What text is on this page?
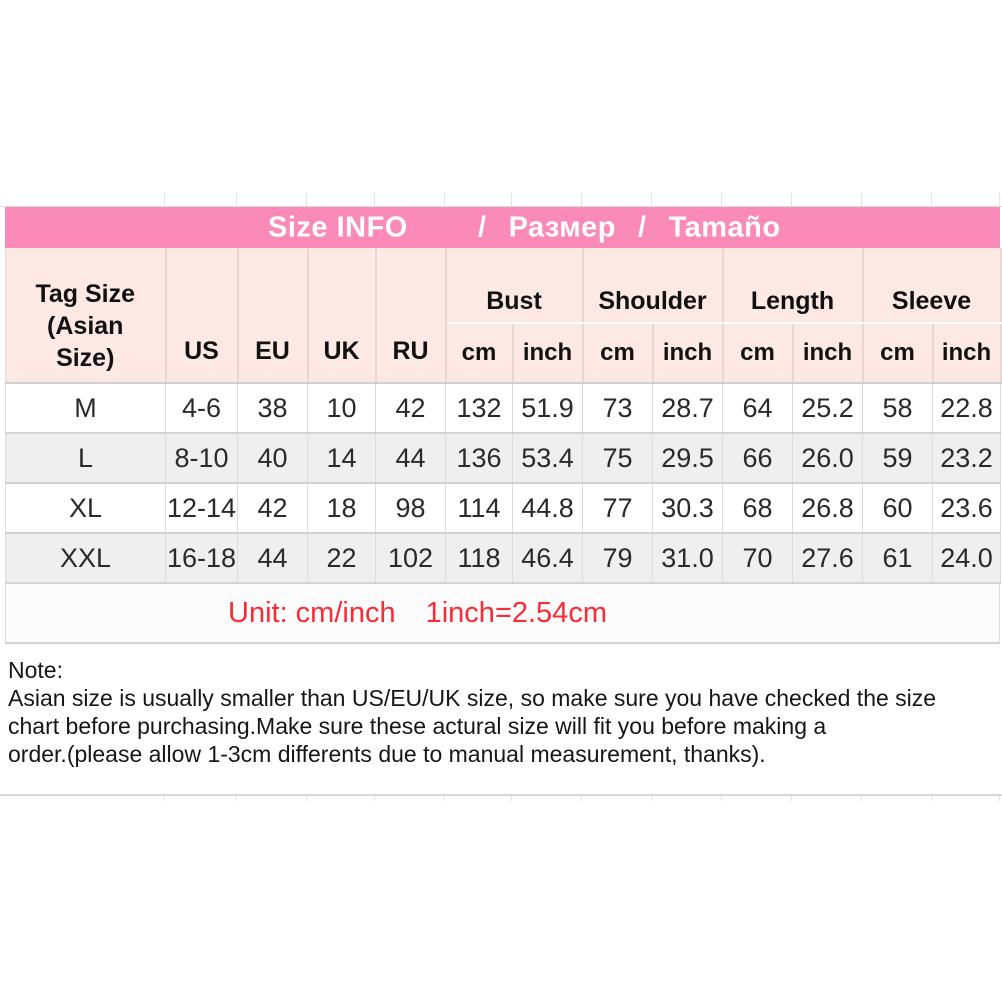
Size INFO / Размер / Tamaño
Tag Size (Asian Size)	US	EU	UK	RU	Bust		Shoulder		Length		Sleeve	
					cm	inch	cm	inch	cm	inch	cm	inch
M	4-6	38	10	42	132	51.9	73	28.7	64	25.2	58	22.8
L	8-10	40	14	44	136	53.4	75	29.5	66	26.0	59	23.2
XL	12-14	42	18	98	114	44.8	77	30.3	68	26.8	60	23.6
XXL	16-18	44	22	102	118	46.4	79	31.0	70	27.6	61	24.0
Unit: cm/inch 1inch=2.54cm

Note:

Asian size is usually smaller than US/EU/UK size, so make sure you have checked the size

chart before purchasing.Make sure these actural size will fit you before making a

order.(please allow 1-3cm differents due to manual measurement, thanks).
